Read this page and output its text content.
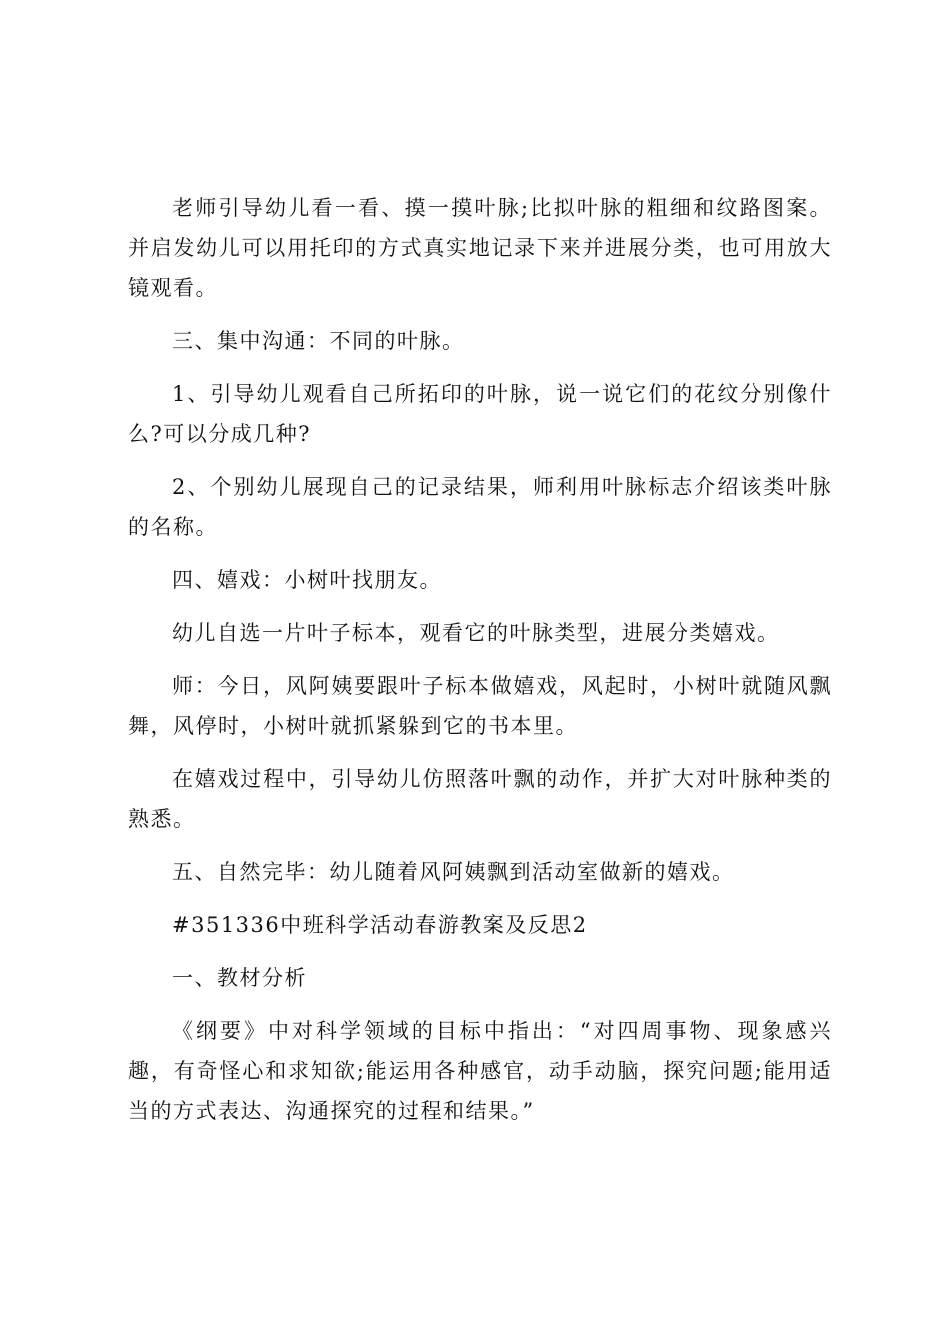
老师引导幼儿看一看、摸一摸叶脉;比拟叶脉的粗细和纹路图案。并启发幼儿可以用托印的方式真实地记录下来并进展分类，也可用放大镜观看。

三、集中沟通：不同的叶脉。

1、引导幼儿观看自己所拓印的叶脉，说一说它们的花纹分别像什么?可以分成几种?

2、个别幼儿展现自己的记录结果，师利用叶脉标志介绍该类叶脉的名称。

四、嬉戏：小树叶找朋友。

幼儿自选一片叶子标本，观看它的叶脉类型，进展分类嬉戏。

师：今日，风阿姨要跟叶子标本做嬉戏，风起时，小树叶就随风飘舞，风停时，小树叶就抓紧躲到它的书本里。

在嬉戏过程中，引导幼儿仿照落叶飘的动作，并扩大对叶脉种类的熟悉。

五、自然完毕：幼儿随着风阿姨飘到活动室做新的嬉戏。

#351336中班科学活动春游教案及反思2

一、教材分析

《纲要》中对科学领域的目标中指出：“对四周事物、现象感兴趣，有奇怪心和求知欲;能运用各种感官，动手动脑，探究问题;能用适当的方式表达、沟通探究的过程和结果。”
